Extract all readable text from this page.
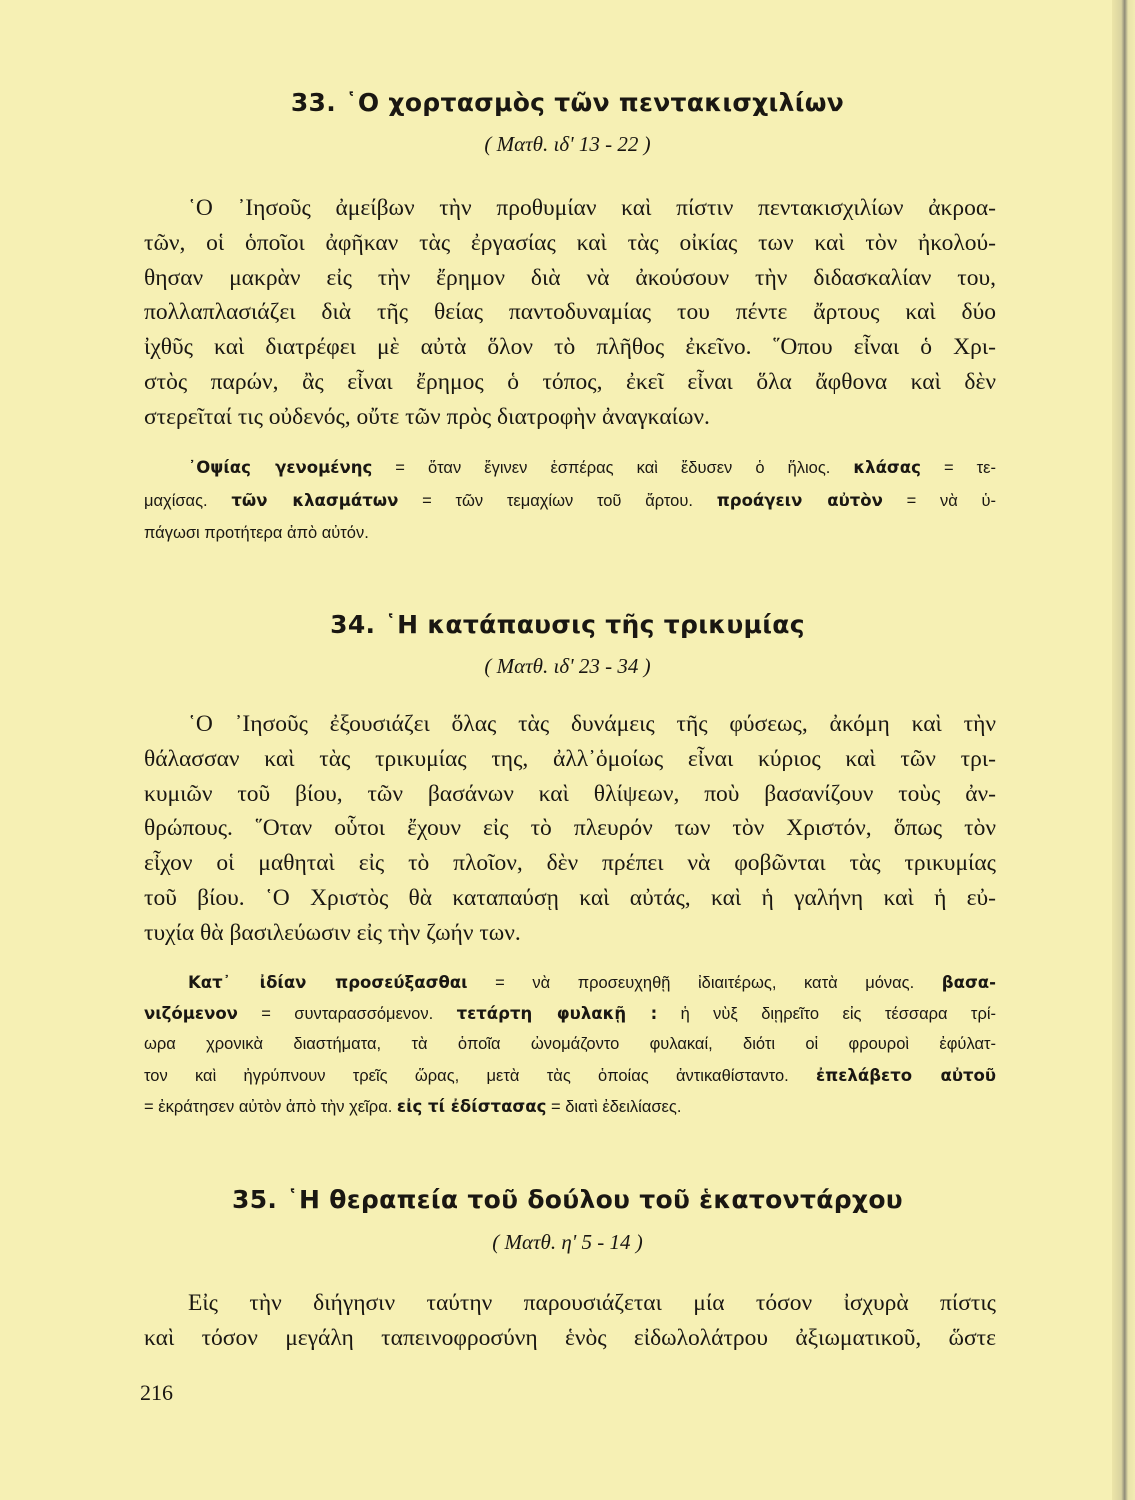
33. ῾Ο χορτασμὸς τῶν πεντακισχιλίων
( Ματθ. ιδ' 13 - 22 )
῾Ο ᾿Ιησοῦς ἀμείβων τὴν προθυμίαν καὶ πίστιν πεντακισχιλίων ἀκροα-
τῶν, οἱ ὁποῖοι ἀφῆκαν τὰς ἐργασίας καὶ τὰς οἰκίας των καὶ τὸν ἠκολού-
θησαν μακρὰν εἰς τὴν ἔρημον διὰ νὰ ἀκούσουν τὴν διδασκαλίαν του,
πολλαπλασιάζει διὰ τῆς θείας παντοδυναμίας του πέντε ἄρτους καὶ δύο
ἰχθῦς καὶ διατρέφει μὲ αὐτὰ ὅλον τὸ πλῆθος ἐκεῖνο. ῞Οπου εἶναι ὁ Χρι-
στὸς παρών, ἂς εἶναι ἔρημος ὁ τόπος, ἐκεῖ εἶναι ὅλα ἄφθονα καὶ δὲν
στερεῖταί τις οὐδενός, οὔτε τῶν πρὸς διατροφὴν ἀναγκαίων.
᾿Οψίας γενομένης = ὅταν ἔγινεν ἑσπέρας καὶ ἔδυσεν ὁ ἥλιος. κλάσας = τε-
μαχίσας. τῶν κλασμάτων = τῶν τεμαχίων τοῦ ἄρτου. προάγειν αὐτὸν = νὰ ὑ-
πάγωσι προτήτερα ἀπὸ αὐτόν.
34. ῾Η κατάπαυσις τῆς τρικυμίας
( Ματθ. ιδ' 23 - 34 )
῾Ο ᾿Ιησοῦς ἐξουσιάζει ὅλας τὰς δυνάμεις τῆς φύσεως, ἀκόμη καὶ τὴν
θάλασσαν καὶ τὰς τρικυμίας της, ἀλλ᾿ὁμοίως εἶναι κύριος καὶ τῶν τρι-
κυμιῶν τοῦ βίου, τῶν βασάνων καὶ θλίψεων, ποὺ βασανίζουν τοὺς ἀν-
θρώπους. ῞Οταν οὗτοι ἔχουν εἰς τὸ πλευρόν των τὸν Χριστόν, ὅπως τὸν
εἶχον οἱ μαθηταὶ εἰς τὸ πλοῖον, δὲν πρέπει νὰ φοβῶνται τὰς τρικυμίας
τοῦ βίου. ῾Ο Χριστὸς θὰ καταπαύσῃ καὶ αὐτάς, καὶ ἡ γαλήνη καὶ ἡ εὐ-
τυχία θὰ βασιλεύωσιν εἰς τὴν ζωήν των.
Κατ᾿ ἰδίαν προσεύξασθαι = νὰ προσευχηθῇ ἰδιαιτέρως, κατὰ μόνας. βασα-
νιζόμενον = συνταρασσόμενον. τετάρτη φυλακῇ : ἡ νὺξ διῃρεῖτο εἰς τέσσαρα τρί-
ωρα χρονικὰ διαστήματα, τὰ ὁποῖα ὠνομάζοντο φυλακαί, διότι οἱ φρουροὶ ἐφύλατ-
τον καὶ ἠγρύπνουν τρεῖς ὥρας, μετὰ τὰς ὁποίας ἀντικαθίσταντο. ἐπελάβετο αὐτοῦ
= ἐκράτησεν αὐτὸν ἀπὸ τὴν χεῖρα. εἰς τί ἐδίστασας = διατὶ ἐδειλίασες.
35. ῾Η θεραπεία τοῦ δούλου τοῦ ἑκατοντάρχου
( Ματθ. η' 5 - 14 )
Εἰς τὴν διήγησιν ταύτην παρουσιάζεται μία τόσον ἰσχυρὰ πίστις
καὶ τόσον μεγάλη ταπεινοφροσύνη ἑνὸς εἰδωλολάτρου ἀξιωματικοῦ, ὥστε
216
